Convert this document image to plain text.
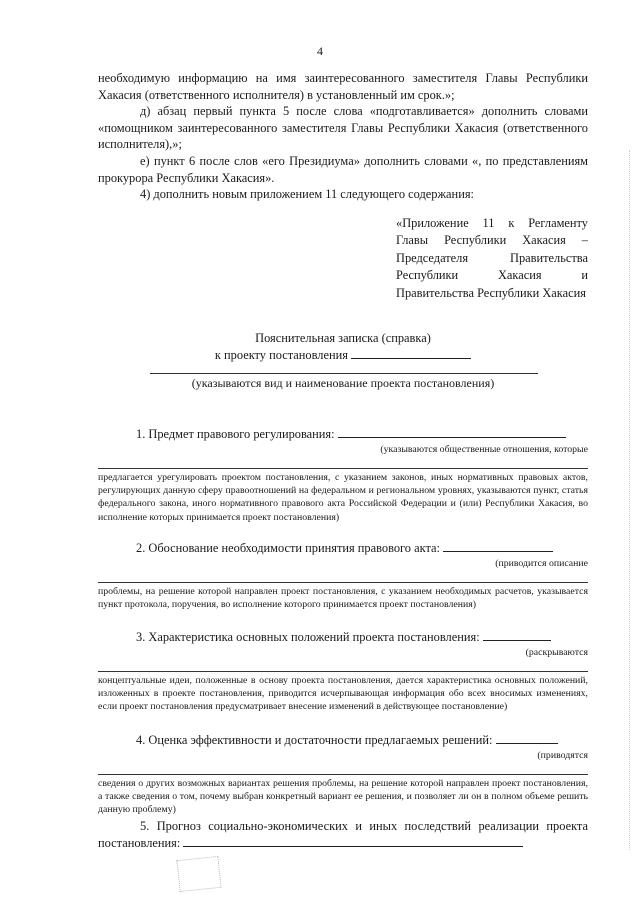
4
необходимую информацию на имя заинтересованного заместителя Главы Республики Хакасия (ответственного исполнителя) в установленный им срок.»;
д) абзац первый пункта 5 после слова «подготавливается» дополнить словами «помощником заинтересованного заместителя Главы Республики Хакасия (ответственного исполнителя),»;
е) пункт 6 после слов «его Президиума» дополнить словами «, по представлениям прокурора Республики Хакасия».
4) дополнить новым приложением 11 следующего содержания:
«Приложение 11 к Регламенту Главы Республики Хакасия – Председателя Правительства Республики Хакасия и Правительства Республики Хакасия
Пояснительная записка (справка)
к проекту постановления
(указываются вид и наименование проекта постановления)
1. Предмет правового регулирования:
(указываются общественные отношения, которые
предлагается урегулировать проектом постановления, с указанием законов, иных нормативных правовых актов, регулирующих данную сферу правоотношений на федеральном и региональном уровнях, указываются пункт, статья федерального закона, иного нормативного правового акта Российской Федерации и (или) Республики Хакасия, во исполнение которых принимается проект постановления)
2. Обоснование необходимости принятия правового акта:
(приводится описание
проблемы, на решение которой направлен проект постановления, с указанием необходимых расчетов, указывается пункт протокола, поручения, во исполнение которого принимается проект постановления)
3. Характеристика основных положений проекта постановления:
(раскрываются
концептуальные идеи, положенные в основу проекта постановления, дается характеристика основных положений, изложенных в проекте постановления, приводится исчерпывающая информация обо всех вносимых изменениях, если проект постановления предусматривает внесение изменений в действующее постановление)
4. Оценка эффективности и достаточности предлагаемых решений:
(приводятся
сведения о других возможных вариантах решения проблемы, на решение которой направлен проект постановления, а также сведения о том, почему выбран конкретный вариант ее решения, и позволяет ли он в полном объеме решить данную проблему)
5. Прогноз социально-экономических и иных последствий реализации проекта постановления:
